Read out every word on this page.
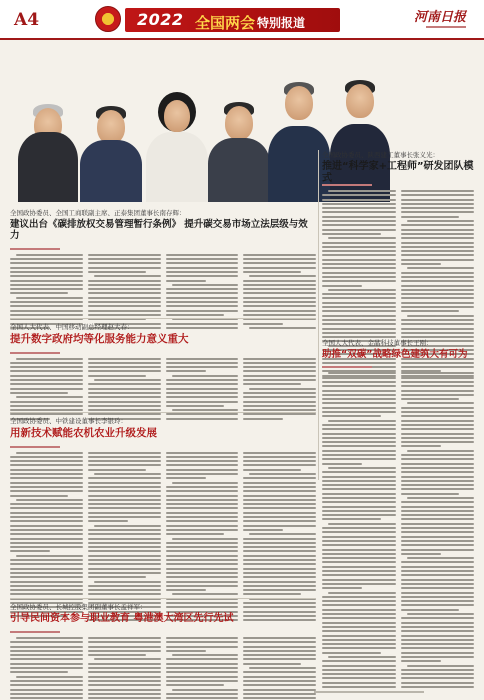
A4	2022 全国两会 特别报道	河南日报
全国政协委员、陕西建工董事长张义光：
推进“科学家+工程师”研发团队模式
全国政协委员、全国工商联副主席、正泰集团董事长南存辉：
建议出台《碳排放权交易管理暂行条例》 提升碳交易市场立法层级与效力
全国人大代表、中国移动副总经理赵大春：
提升数字政府均等化服务能力意义重大
全国政协委员、中铁建设董事长李银玲：
用新技术赋能农机农业升级发展
全国人大代表、金晶科技董事长王刚：
助推“双碳”战略绿色建筑大有可为
全国政协委员、长城控股集团副董事长孟祥军：
引导民间资本参与职业教育 粤港澳大湾区先行先试
